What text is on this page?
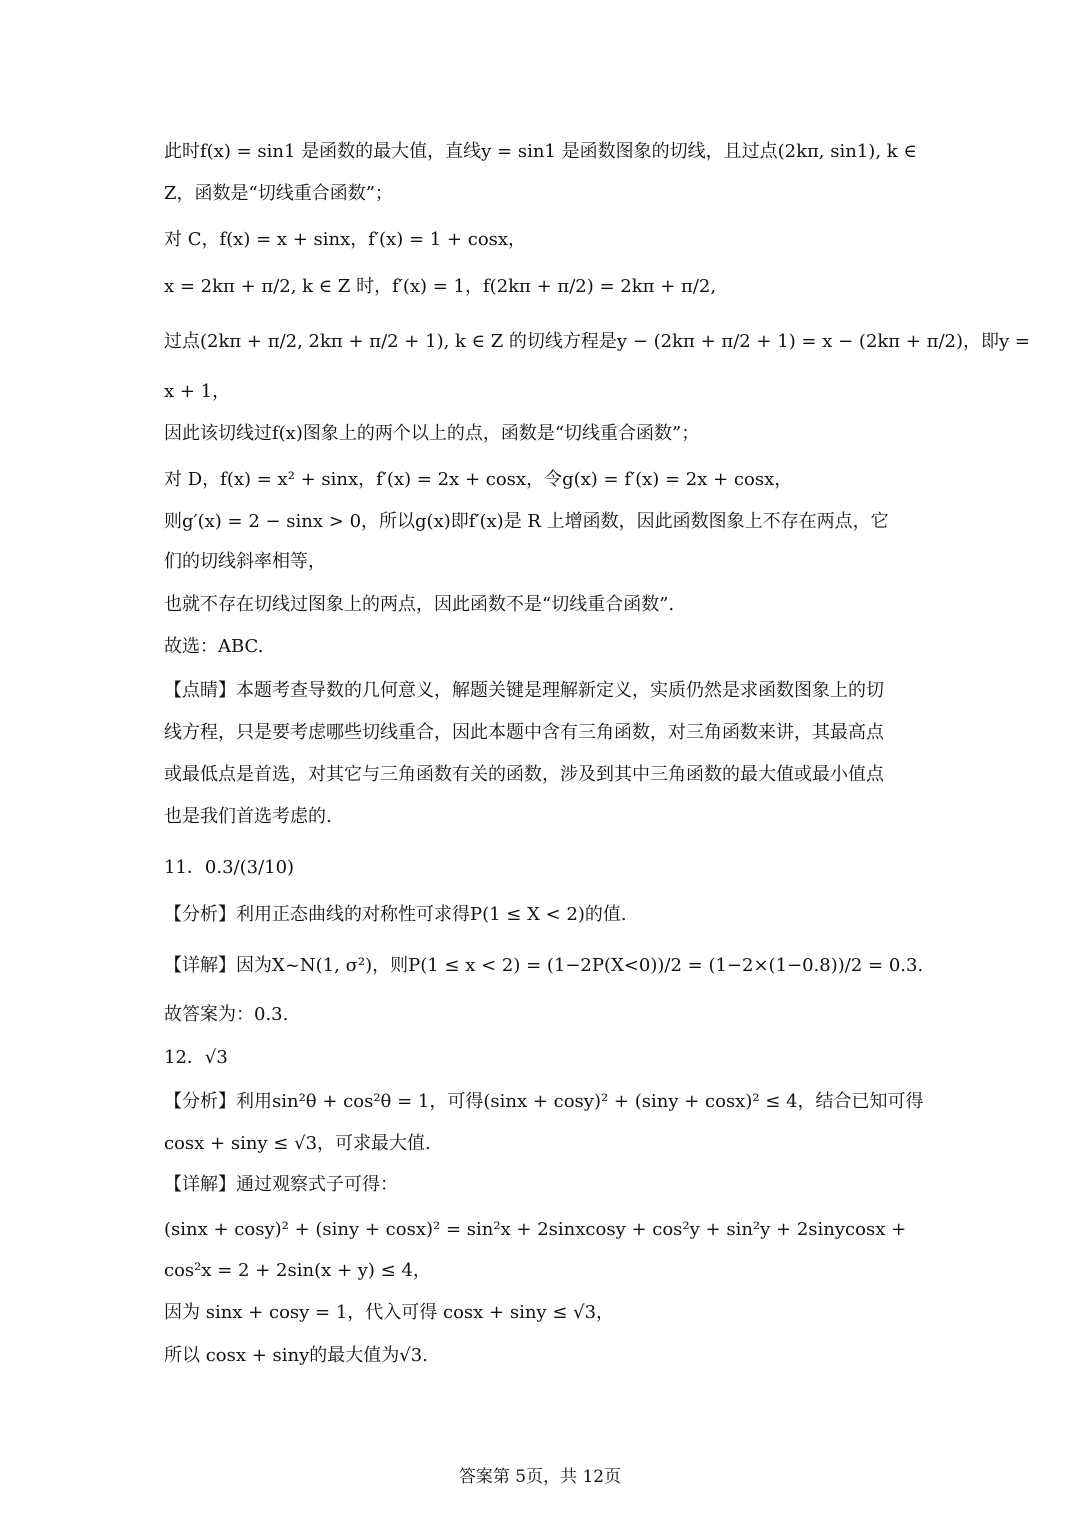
此时f(x) = sin1 是函数的最大值，直线y = sin1 是函数图象的切线，且过点(2kπ, sin1), k ∈
Z，函数是“切线重合函数”；
对 C，f(x) = x + sinx，f′(x) = 1 + cosx，
x = 2kπ + π/2, k ∈ Z 时，f′(x) = 1，f(2kπ + π/2) = 2kπ + π/2,
过点(2kπ + π/2, 2kπ + π/2 + 1), k ∈ Z 的切线方程是y − (2kπ + π/2 + 1) = x − (2kπ + π/2)，即y =
x + 1，
因此该切线过f(x)图象上的两个以上的点，函数是“切线重合函数”；
对 D，f(x) = x² + sinx，f′(x) = 2x + cosx，令g(x) = f′(x) = 2x + cosx，
则g′(x) = 2 − sinx > 0，所以g(x)即f′(x)是 R 上增函数，因此函数图象上不存在两点，它
们的切线斜率相等，
也就不存在切线过图象上的两点，因此函数不是“切线重合函数”.
故选：ABC.
【点睛】本题考查导数的几何意义，解题关键是理解新定义，实质仍然是求函数图象上的切
线方程，只是要考虑哪些切线重合，因此本题中含有三角函数，对三角函数来讲，其最高点
或最低点是首选，对其它与三角函数有关的函数，涉及到其中三角函数的最大值或最小值点
也是我们首选考虑的.
11．0.3/(3/10)
【分析】利用正态曲线的对称性可求得P(1 ≤ X < 2)的值.
【详解】因为X~N(1, σ²)，则P(1 ≤ x < 2) = (1−2P(X<0))/2 = (1−2×(1−0.8))/2 = 0.3.
故答案为：0.3.
12．√3
【分析】利用sin²θ + cos²θ = 1，可得(sinx + cosy)² + (siny + cosx)² ≤ 4，结合已知可得
cosx + siny ≤ √3，可求最大值.
【详解】通过观察式子可得：
(sinx + cosy)² + (siny + cosx)² = sin²x + 2sinxcosy + cos²y + sin²y + 2sinycosx +
cos²x = 2 + 2sin(x + y) ≤ 4，
因为 sinx + cosy = 1，代入可得 cosx + siny ≤ √3，
所以 cosx + siny的最大值为√3.
答案第 5页，共 12页
